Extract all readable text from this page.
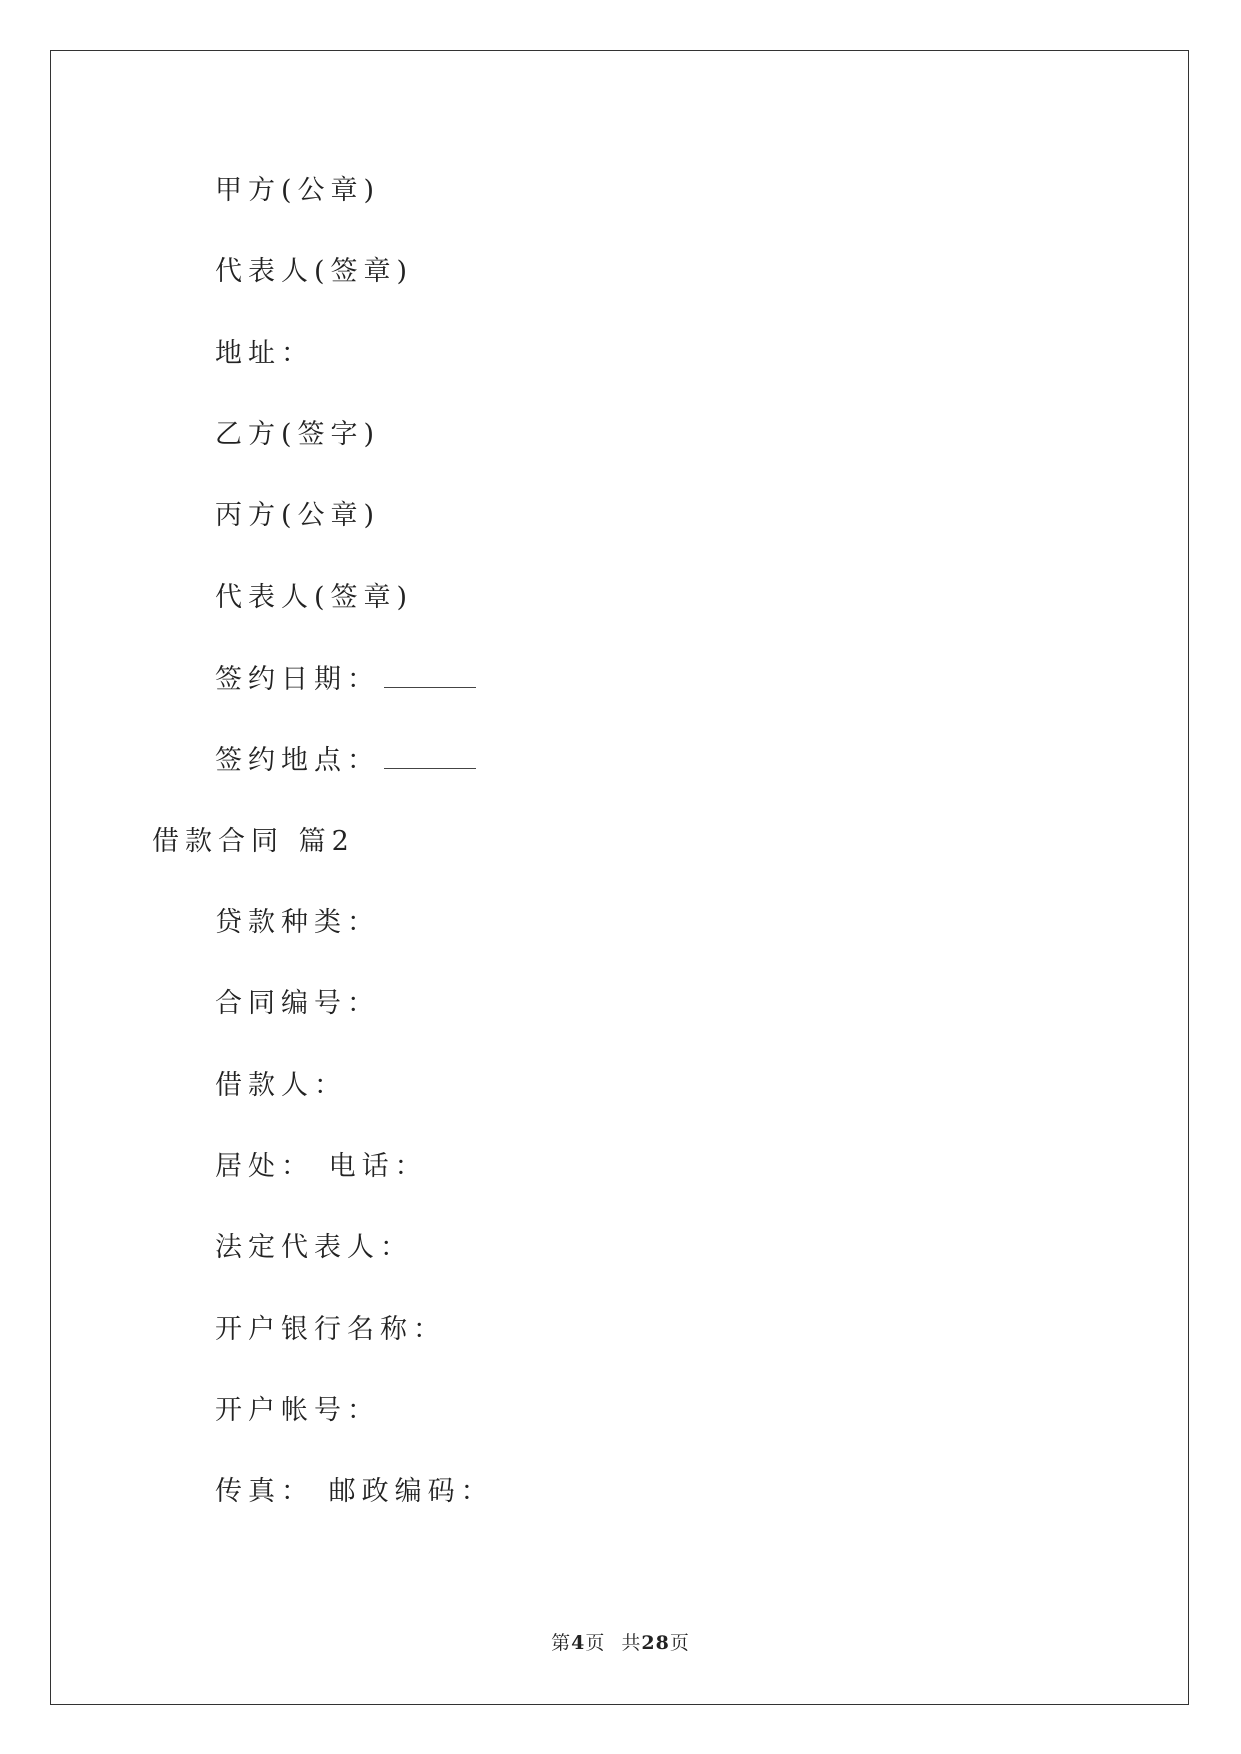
甲方(公章)
代表人(签章)
地址：
乙方(签字)
丙方(公章)
代表人(签章)
签约日期：
签约地点：
借款合同 篇2
贷款种类：
合同编号：
借款人：
居处： 电话：
法定代表人：
开户银行名称：
开户帐号：
传真： 邮政编码：
第4页 共28页
